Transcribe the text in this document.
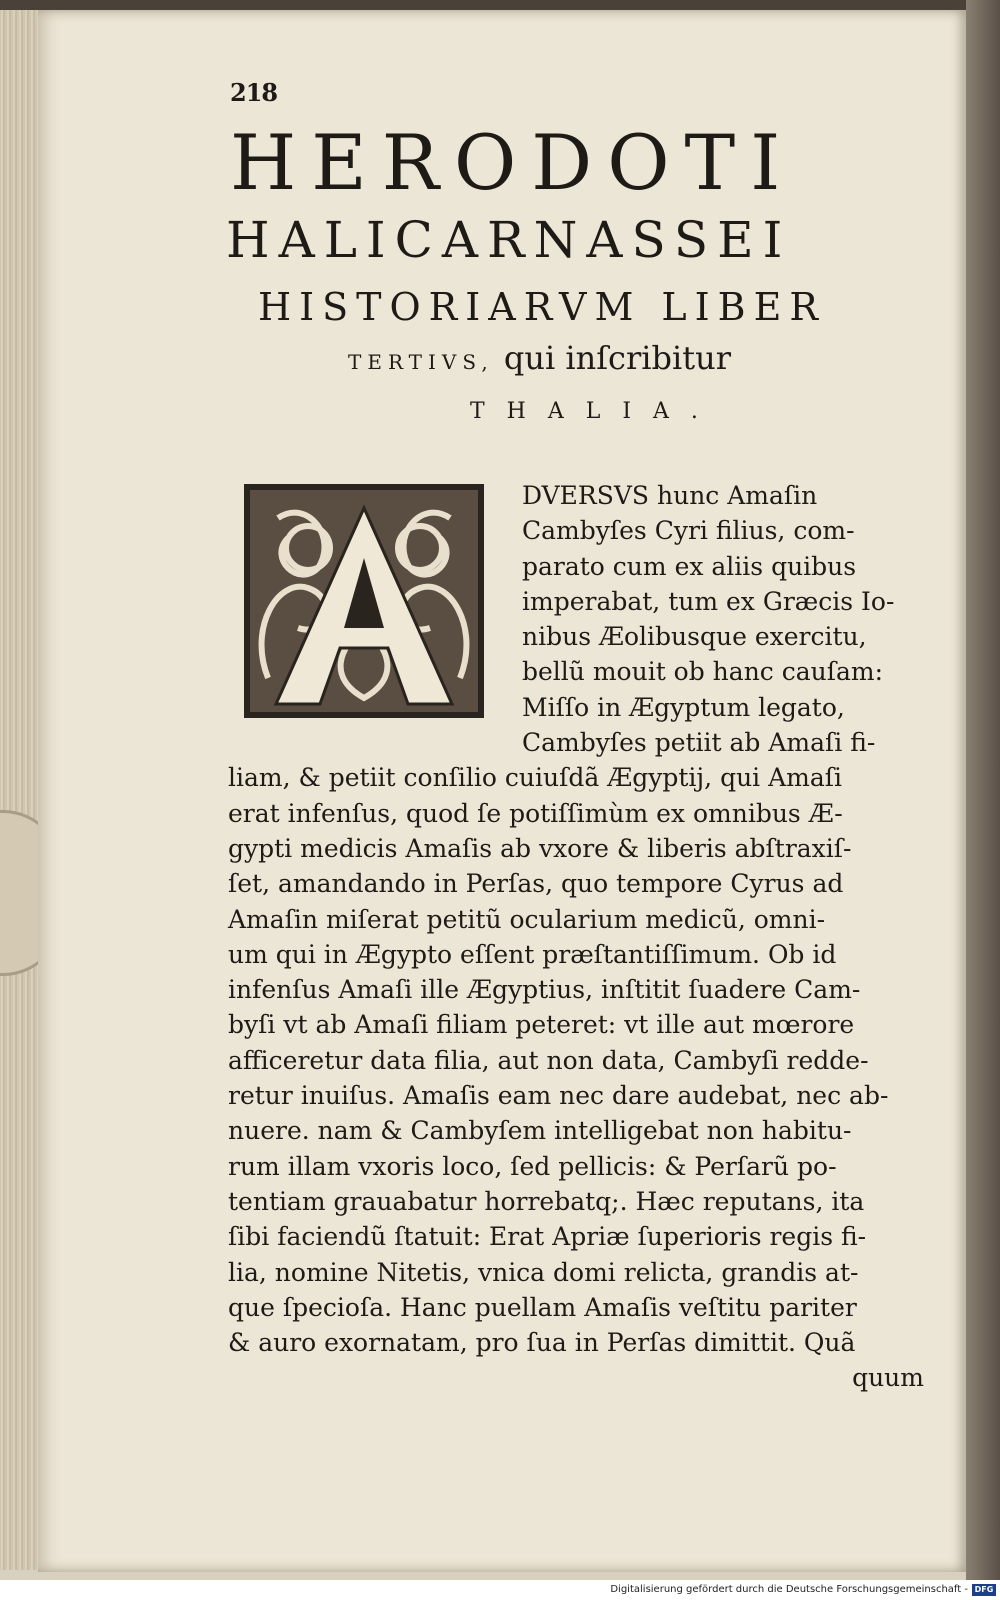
218
HERODOTI
HALICARNASSEI
HISTORIARVM LIBER
TERTIVS, qui inſcribitur
THALIA.
A
DVERSVS hunc Amaſin
Cambyſes Cyri filius, com-
parato cum ex aliis quibus
imperabat, tum ex Græcis Io-
nibus Æolibusque exercitu,
bellũ mouit ob hanc cauſam:
Miſſo in Ægyptum legato,
Cambyſes petiit ab Amaſi fi-
liam, & petiit conſilio cuiuſdã Ægyptij, qui Amaſi
erat infenſus, quod ſe potiſſimùm ex omnibus Æ-
gypti medicis Amaſis ab vxore & liberis abſtraxiſ-
ſet, amandando in Perſas, quo tempore Cyrus ad
Amaſin miſerat petitũ ocularium medicũ, omni-
um qui in Ægypto eſſent præſtantiſſimum. Ob id
infenſus Amaſi ille Ægyptius, inſtitit ſuadere Cam-
byſi vt ab Amaſi filiam peteret: vt ille aut mœrore
afficeretur data filia, aut non data, Cambyſi redde-
retur inuiſus. Amaſis eam nec dare audebat, nec ab-
nuere. nam & Cambyſem intelligebat non habitu-
rum illam vxoris loco, ſed pellicis: & Perſarũ po-
tentiam grauabatur horrebatq;. Hæc reputans, ita
ſibi faciendũ ſtatuit: Erat Apriæ ſuperioris regis fi-
lia, nomine Nitetis, vnica domi relicta, grandis at-
que ſpecioſa. Hanc puellam Amaſis veſtitu pariter
& auro exornatam, pro ſua in Perſas dimittit. Quã
quum
Digitalisierung gefördert durch die Deutsche Forschungsgemeinschaft - DFG
